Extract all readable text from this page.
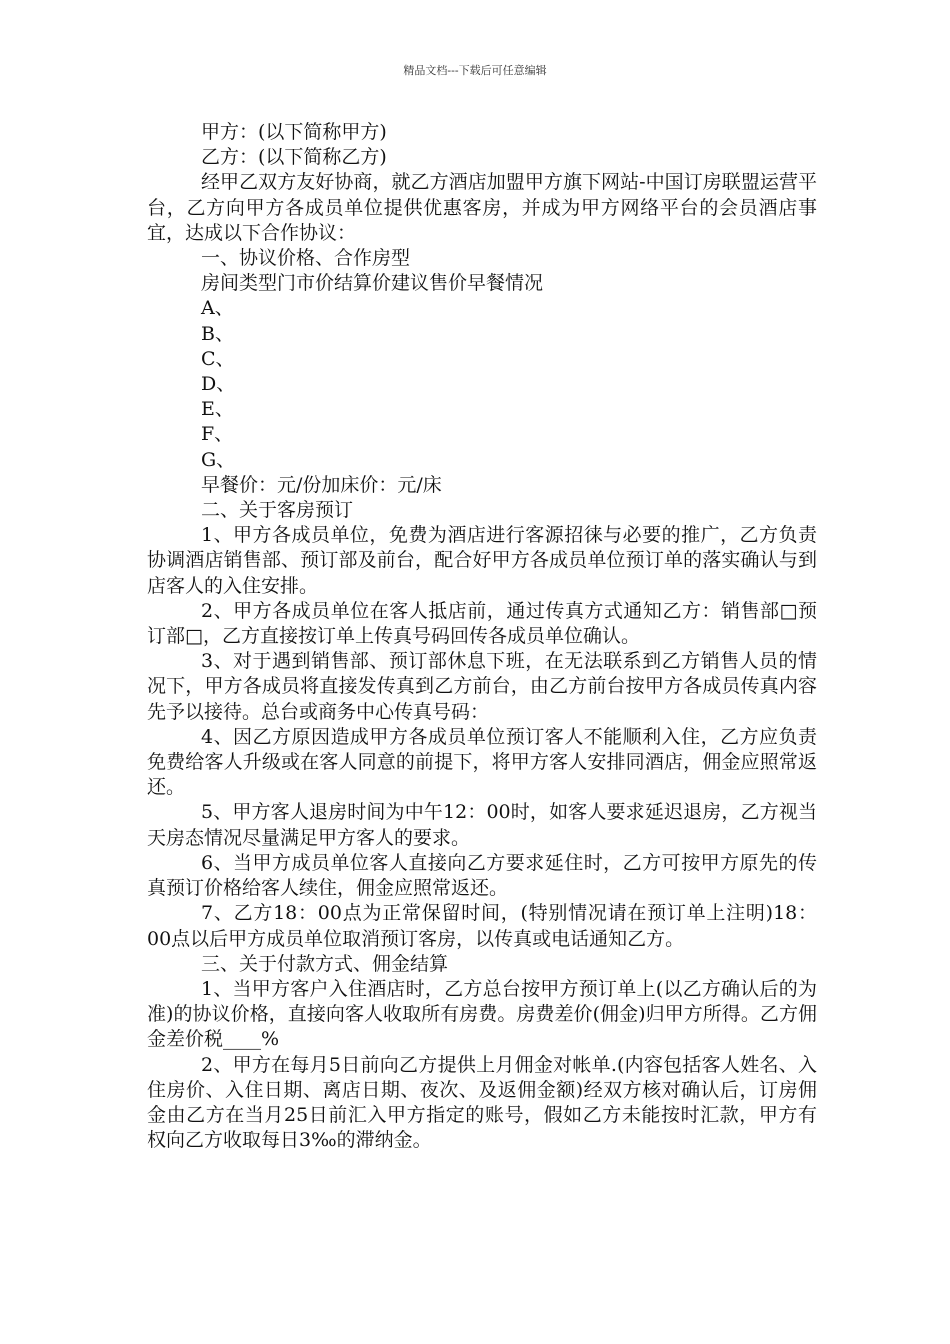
精品文档---下载后可任意编辑

甲方：(以下简称甲方)

乙方：(以下简称乙方)

经甲乙双方友好协商，就乙方酒店加盟甲方旗下网站-中国订房联盟运营平台，乙方向甲方各成员单位提供优惠客房，并成为甲方网络平台的会员酒店事宜，达成以下合作协议：

一、协议价格、合作房型

房间类型门市价结算价建议售价早餐情况

A、

B、

C、

D、

E、

F、

G、

早餐价：元/份加床价：元/床

二、关于客房预订

1、甲方各成员单位，免费为酒店进行客源招徕与必要的推广，乙方负责协调酒店销售部、预订部及前台，配合好甲方各成员单位预订单的落实确认与到店客人的入住安排。

2、甲方各成员单位在客人抵店前，通过传真方式通知乙方：销售部□预订部□，乙方直接按订单上传真号码回传各成员单位确认。

3、对于遇到销售部、预订部休息下班，在无法联系到乙方销售人员的情况下，甲方各成员将直接发传真到乙方前台，由乙方前台按甲方各成员传真内容先予以接待。总台或商务中心传真号码：

4、因乙方原因造成甲方各成员单位预订客人不能顺利入住，乙方应负责免费给客人升级或在客人同意的前提下，将甲方客人安排同酒店，佣金应照常返还。

5、甲方客人退房时间为中午12：00时，如客人要求延迟退房，乙方视当天房态情况尽量满足甲方客人的要求。

6、当甲方成员单位客人直接向乙方要求延住时，乙方可按甲方原先的传真预订价格给客人续住，佣金应照常返还。

7、乙方18：00点为正常保留时间，(特别情况请在预订单上注明)18：00点以后甲方成员单位取消预订客房，以传真或电话通知乙方。

三、关于付款方式、佣金结算

1、当甲方客户入住酒店时，乙方总台按甲方预订单上(以乙方确认后的为准)的协议价格，直接向客人收取所有房费。房费差价(佣金)归甲方所得。乙方佣金差价税____%

2、甲方在每月5日前向乙方提供上月佣金对帐单.(内容包括客人姓名、入住房价、入住日期、离店日期、夜次、及返佣金额)经双方核对确认后，订房佣金由乙方在当月25日前汇入甲方指定的账号，假如乙方未能按时汇款，甲方有权向乙方收取每日3‰的滞纳金。
